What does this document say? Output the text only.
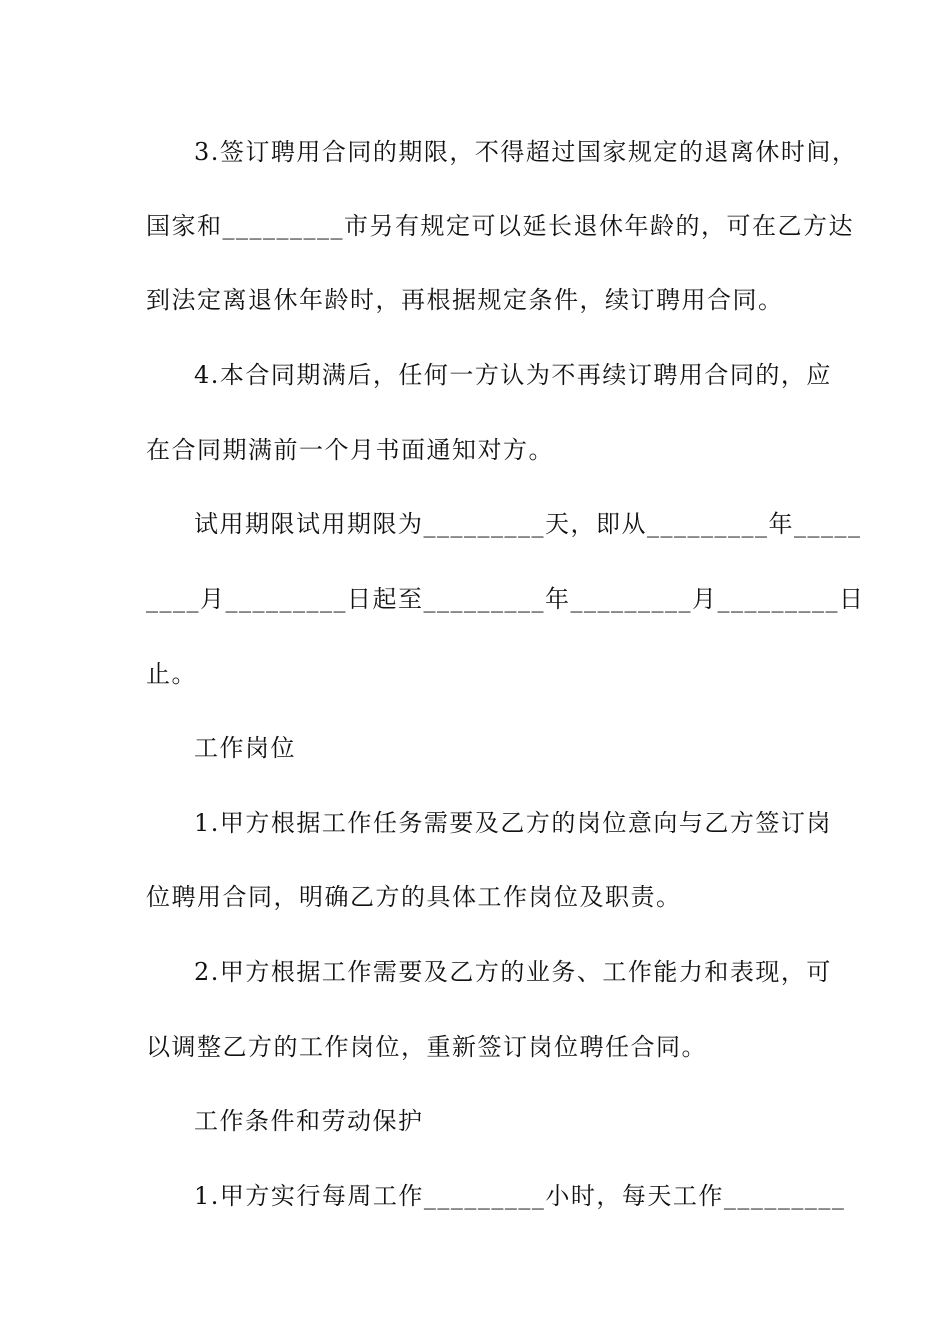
3.签订聘用合同的期限，不得超过国家规定的退离休时间，
国家和_________市另有规定可以延长退休年龄的，可在乙方达
到法定离退休年龄时，再根据规定条件，续订聘用合同。
4.本合同期满后，任何一方认为不再续订聘用合同的，应
在合同期满前一个月书面通知对方。
试用期限试用期限为_________天，即从_________年_____
____月_________日起至_________年_________月_________日
止。
工作岗位
1.甲方根据工作任务需要及乙方的岗位意向与乙方签订岗
位聘用合同，明确乙方的具体工作岗位及职责。
2.甲方根据工作需要及乙方的业务、工作能力和表现，可
以调整乙方的工作岗位，重新签订岗位聘任合同。
工作条件和劳动保护
1.甲方实行每周工作_________小时，每天工作_________
